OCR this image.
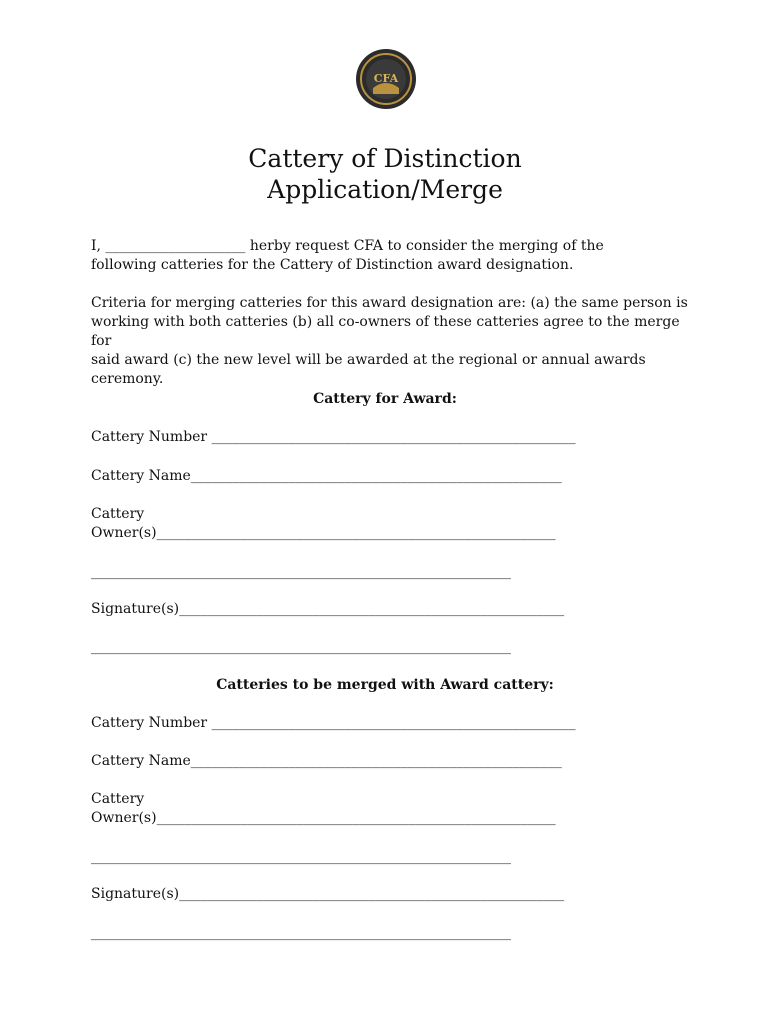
CFA
Cattery of Distinction
Application/Merge
I, ____________________ herby request CFA to consider the merging of the
following catteries for the Cattery of Distinction award designation.
Criteria for merging catteries for this award designation are: (a) the same person is
working with both catteries (b) all co-owners of these catteries agree to the merge for
said award (c) the new level will be awarded at the regional or annual awards ceremony.
Cattery for Award:
Cattery Number ____________________________________________________
Cattery Name_____________________________________________________
Cattery
Owner(s)_________________________________________________________
____________________________________________________________
Signature(s)_______________________________________________________
____________________________________________________________
Catteries to be merged with Award cattery:
Cattery Number ____________________________________________________
Cattery Name_____________________________________________________
Cattery
Owner(s)_________________________________________________________
____________________________________________________________
Signature(s)_______________________________________________________
____________________________________________________________
